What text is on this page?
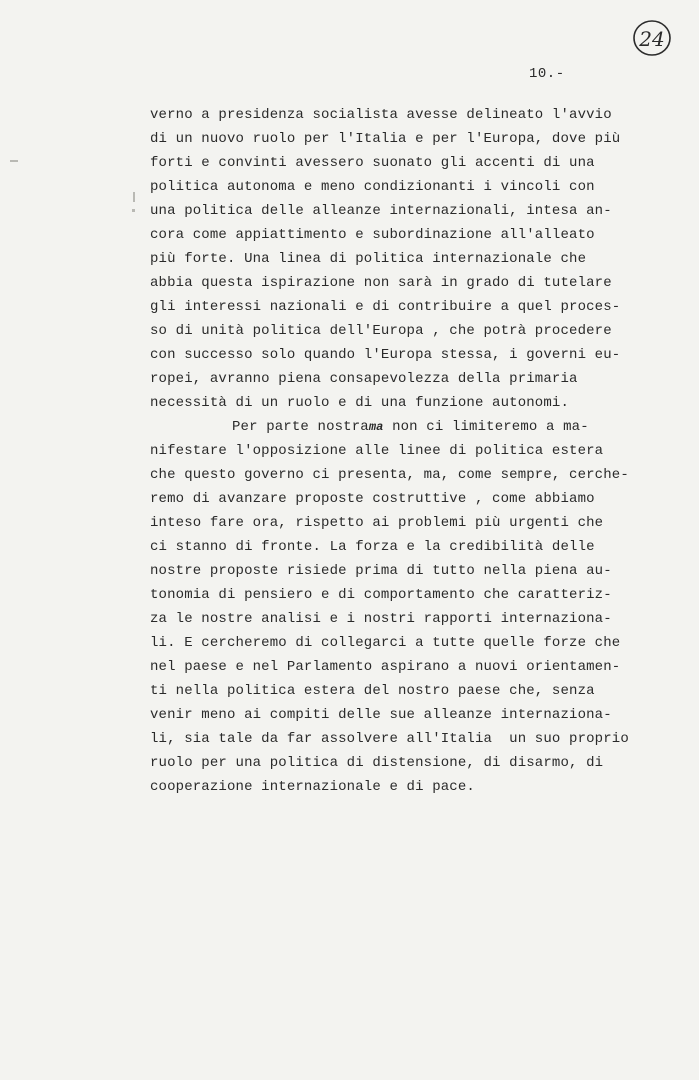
24
10.-
verno a presidenza socialista avesse delineato l'avvio
di un nuovo ruolo per l'Italia e per l'Europa, dove più
forti e convinti avessero suonato gli accenti di una
politica autonoma e meno condizionanti i vincoli con
una politica delle alleanze internazionali, intesa an-
cora come appiattimento e subordinazione all'alleato
più forte. Una linea di politica internazionale che
abbia questa ispirazione non sarà in grado di tutelare
gli interessi nazionali e di contribuire a quel proces-
so di unità politica dell'Europa , che potrà procedere
con successo solo quando l'Europa stessa, i governi eu-
ropei, avranno piena consapevolezza della primaria
necessità di un ruolo e di una funzione autonomi.
Per parte nostrama non ci limiteremo a ma-
nifestare l'opposizione alle linee di politica estera
che questo governo ci presenta, ma, come sempre, cerche-
remo di avanzare proposte costruttive , come abbiamo
inteso fare ora, rispetto ai problemi più urgenti che
ci stanno di fronte. La forza e la credibilità delle
nostre proposte risiede prima di tutto nella piena au-
tonomia di pensiero e di comportamento che caratteriz-
za le nostre analisi e i nostri rapporti internaziona-
li. E cercheremo di collegarci a tutte quelle forze che
nel paese e nel Parlamento aspirano a nuovi orientamen-
ti nella politica estera del nostro paese che, senza
venir meno ai compiti delle sue alleanze internaziona-
li, sia tale da far assolvere all'Italia  un suo proprio
ruolo per una politica di distensione, di disarmo, di
cooperazione internazionale e di pace.
